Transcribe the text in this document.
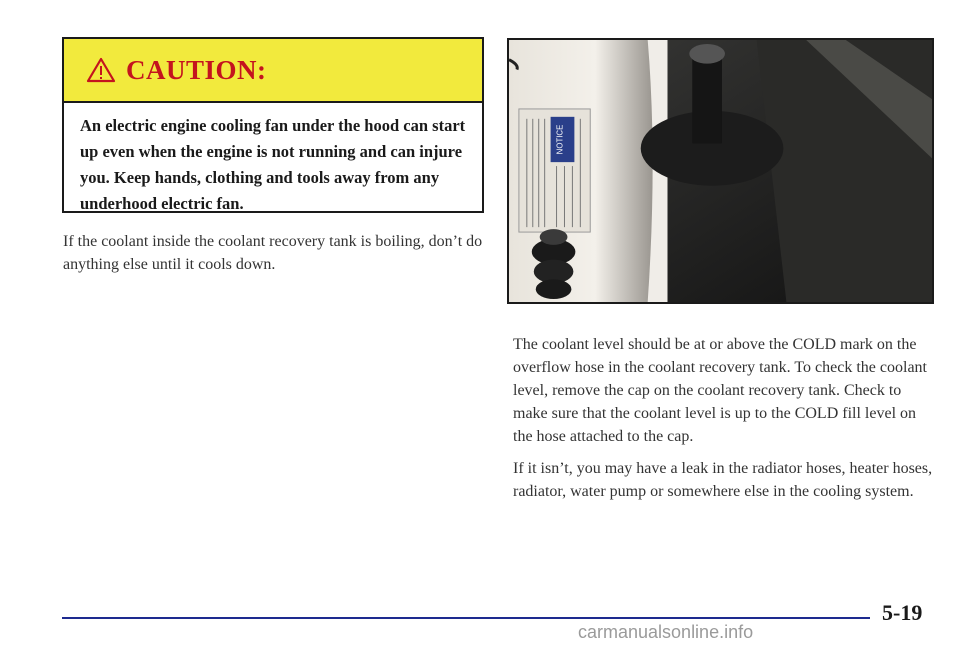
CAUTION:
An electric engine cooling fan under the hood can start up even when the engine is not running and can injure you. Keep hands, clothing and tools away from any underhood electric fan.
If the coolant inside the coolant recovery tank is boiling, don’t do anything else until it cools down.
NOTICE

The coolant level should be at or above the COLD mark on the overflow hose in the coolant recovery tank. To check the coolant level, remove the cap on the coolant recovery tank. Check to make sure that the coolant level is up to the COLD fill level on the hose attached to the cap.

If it isn’t, you may have a leak in the radiator hoses, heater hoses, radiator, water pump or somewhere else in the cooling system.

5-19
carmanualsonline.info
